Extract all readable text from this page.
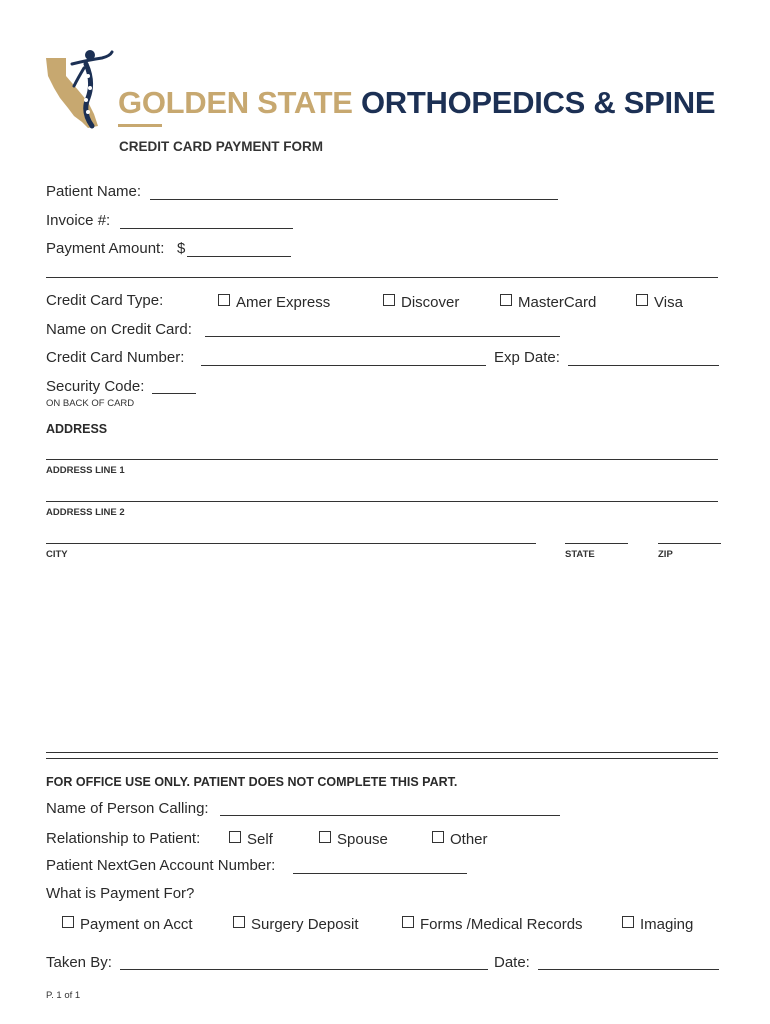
GOLDEN STATE ORTHOPEDICS & SPINE
CREDIT CARD PAYMENT FORM
Patient Name:
Invoice #:
Payment Amount: $
Credit Card Type:	Amer Express	Discover	MasterCard	Visa
Name on Credit Card:
Credit Card Number:	Exp Date:
Security Code:
ON BACK OF CARD
ADDRESS
ADDRESS LINE 1
ADDRESS LINE 2
CITY	STATE	ZIP
FOR OFFICE USE ONLY. PATIENT DOES NOT COMPLETE THIS PART.
Name of Person Calling:
Relationship to Patient:	Self	Spouse	Other
Patient NextGen Account Number:
What is Payment For?
Payment on Acct	Surgery Deposit	Forms /Medical Records	Imaging
Taken By:	Date:
P. 1 of 1
